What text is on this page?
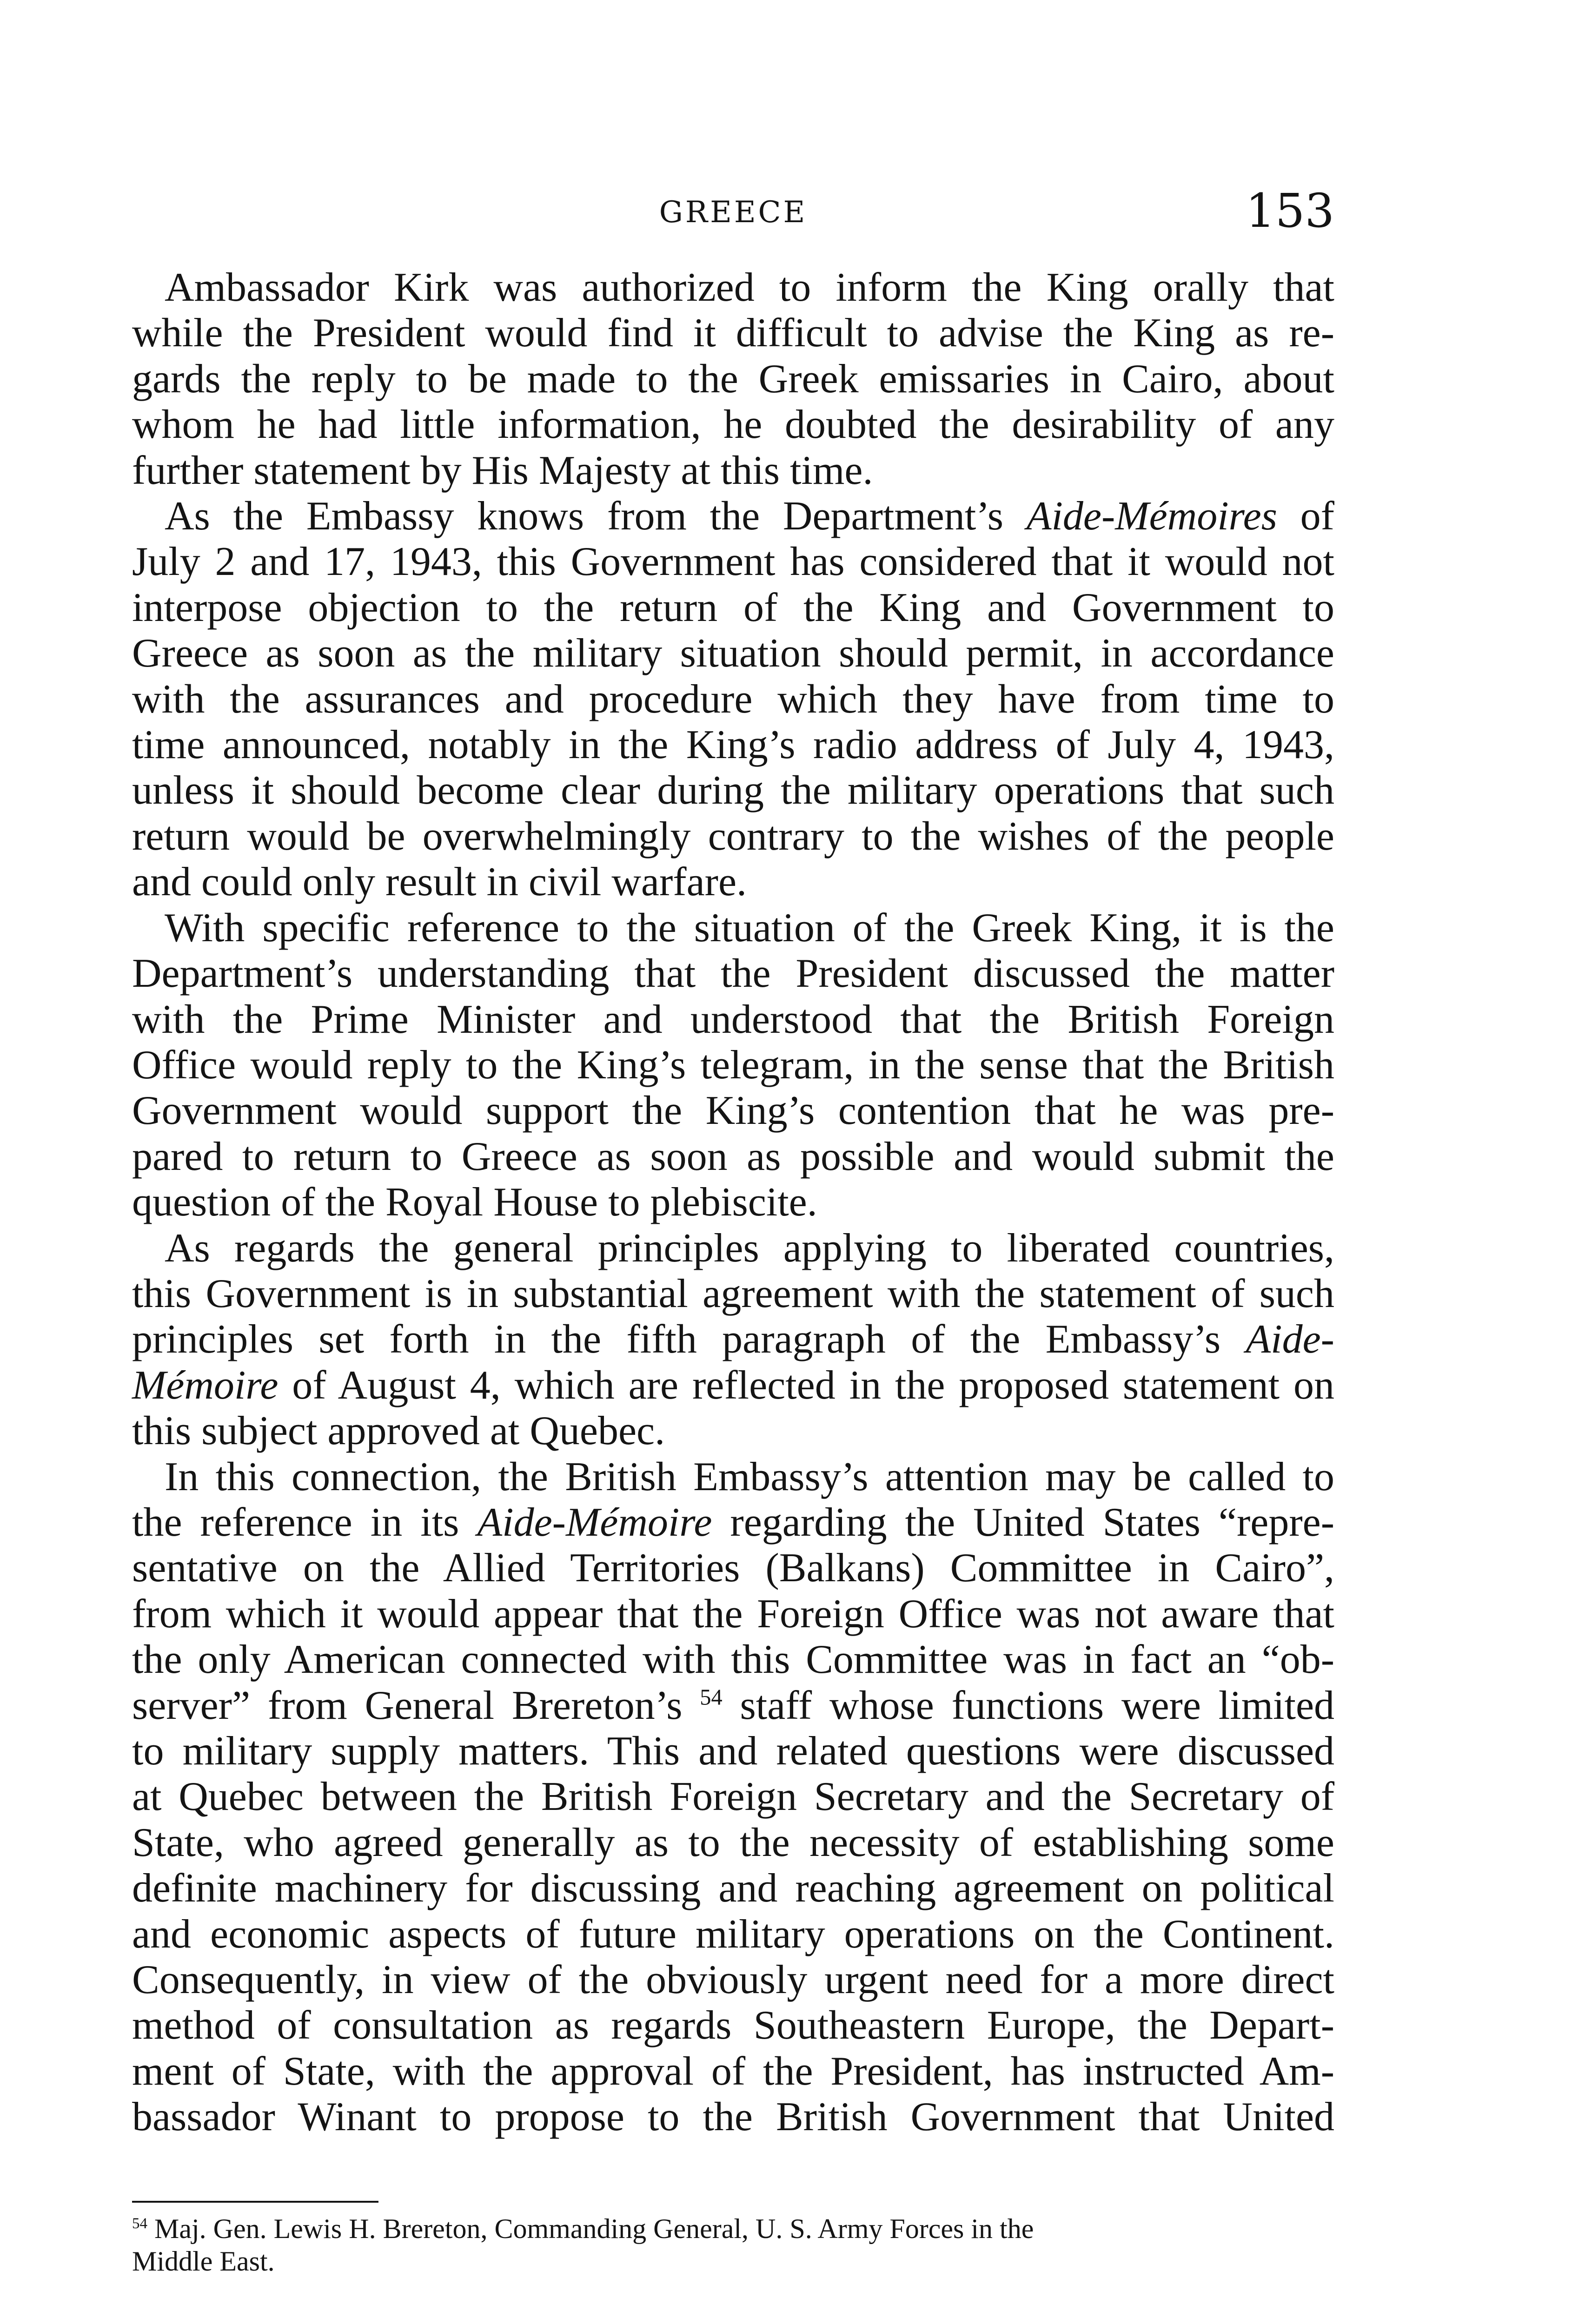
GREECE	153
Ambassador Kirk was authorized to inform the King orally that
while the President would find it difficult to advise the King as re-
gards the reply to be made to the Greek emissaries in Cairo, about
whom he had little information, he doubted the desirability of any
further statement by His Majesty at this time.
As the Embassy knows from the Department’s Aide-Mémoires of
July 2 and 17, 1943, this Government has considered that it would not
interpose objection to the return of the King and Government to
Greece as soon as the military situation should permit, in accordance
with the assurances and procedure which they have from time to
time announced, notably in the King’s radio address of July 4, 1943,
unless it should become clear during the military operations that such
return would be overwhelmingly contrary to the wishes of the people
and could only result in civil warfare.
With specific reference to the situation of the Greek King, it is the
Department’s understanding that the President discussed the matter
with the Prime Minister and understood that the British Foreign
Office would reply to the King’s telegram, in the sense that the British
Government would support the King’s contention that he was pre-
pared to return to Greece as soon as possible and would submit the
question of the Royal House to plebiscite.
As regards the general principles applying to liberated countries,
this Government is in substantial agreement with the statement of such
principles set forth in the fifth paragraph of the Embassy’s Aide-
Mémoire of August 4, which are reflected in the proposed statement on
this subject approved at Quebec.
In this connection, the British Embassy’s attention may be called to
the reference in its Aide-Mémoire regarding the United States “repre-
sentative on the Allied Territories (Balkans) Committee in Cairo”,
from which it would appear that the Foreign Office was not aware that
the only American connected with this Committee was in fact an “ob-
server” from General Brereton’s $^{54}$ staff whose functions were limited
to military supply matters. This and related questions were discussed
at Quebec between the British Foreign Secretary and the Secretary of
State, who agreed generally as to the necessity of establishing some
definite machinery for discussing and reaching agreement on political
and economic aspects of future military operations on the Continent.
Consequently, in view of the obviously urgent need for a more direct
method of consultation as regards Southeastern Europe, the Depart-
ment of State, with the approval of the President, has instructed Am-
bassador Winant to propose to the British Government that United
$^{54}$ Maj. Gen. Lewis H. Brereton, Commanding General, U. S. Army Forces in the
Middle East.
